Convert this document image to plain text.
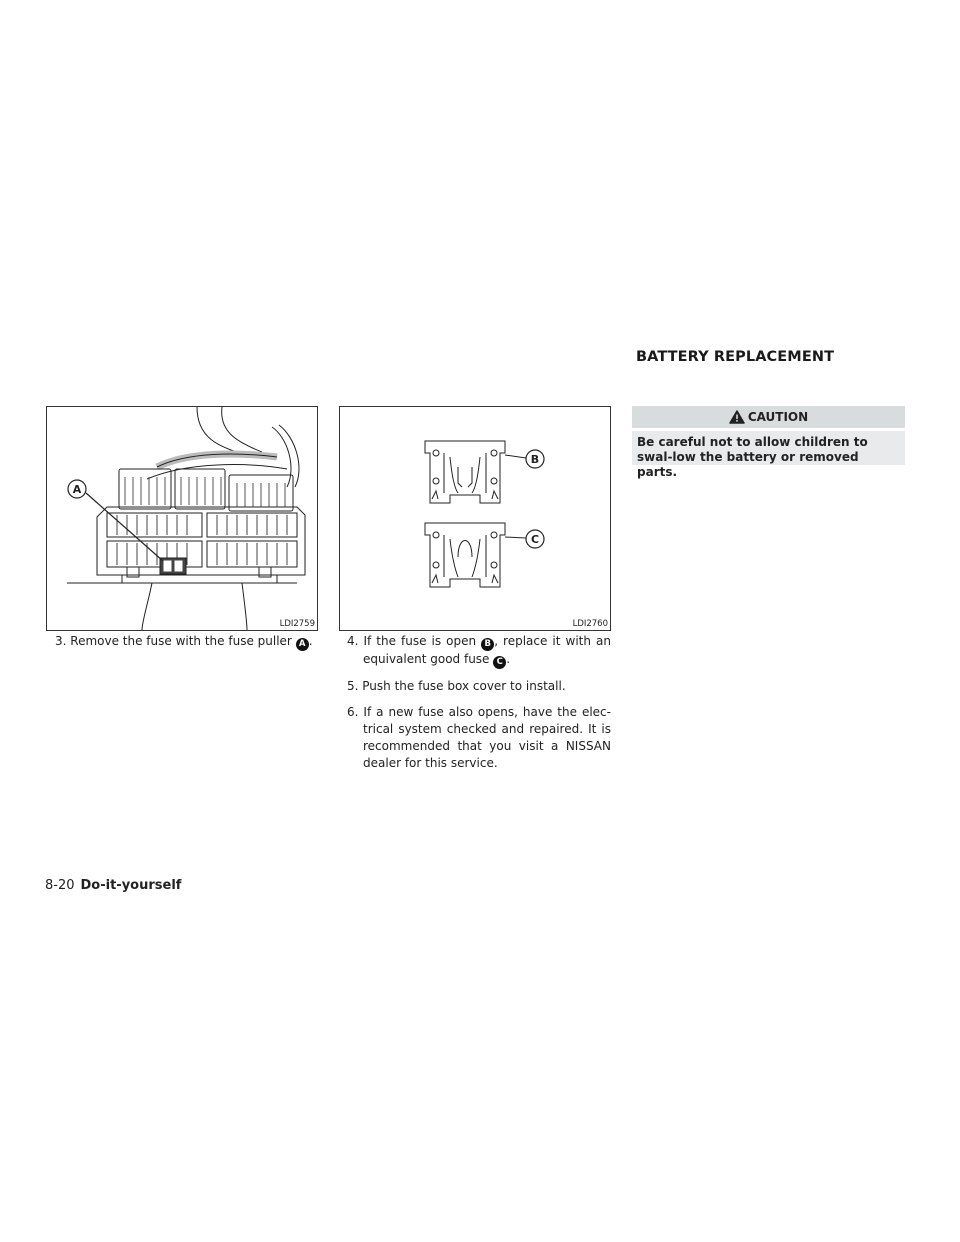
BATTERY REPLACEMENT
A
LDI2759
B
C
LDI2760

3. Remove the fuse with the fuse puller A .	4. If the fuse is open B , replace it with an equivalent good fuse C .

5. Push the fuse box cover to install.

6. If a new fuse also opens, have the elec-trical system checked and repaired. It is recommended that you visit a NISSAN dealer for this service.

CAUTION
Be careful not to allow children to swal-low the battery or removed parts.
8-20 Do-it-yourself
